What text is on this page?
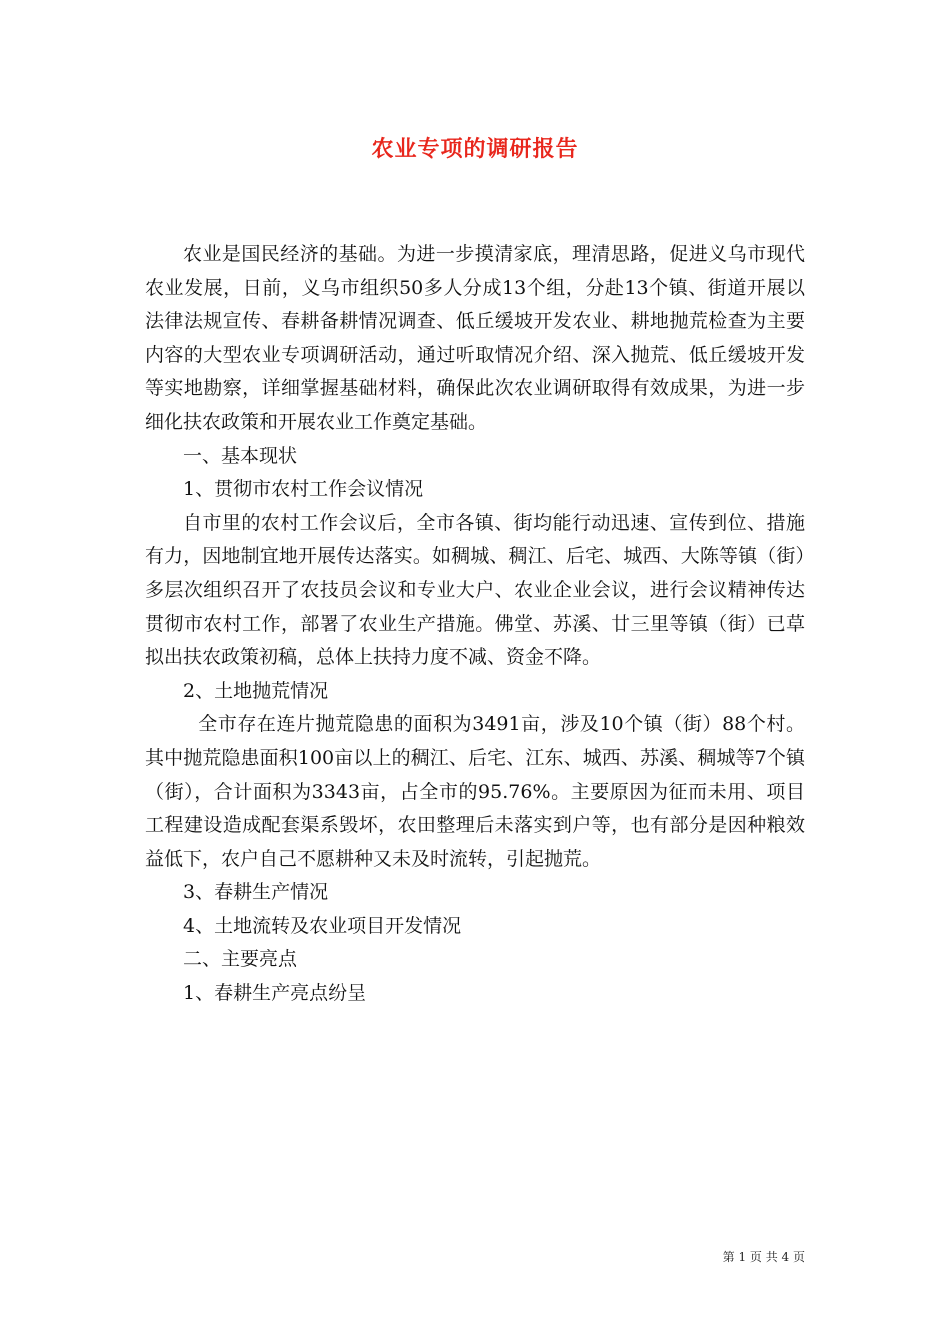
农业专项的调研报告

农业是国民经济的基础。为进一步摸清家底，理清思路，促进义乌市现代农业发展，日前，义乌市组织50多人分成13个组，分赴13个镇、街道开展以法律法规宣传、春耕备耕情况调查、低丘缓坡开发农业、耕地抛荒检查为主要内容的大型农业专项调研活动，通过听取情况介绍、深入抛荒、低丘缓坡开发等实地勘察，详细掌握基础材料，确保此次农业调研取得有效成果，为进一步细化扶农政策和开展农业工作奠定基础。

一、基本现状

1、贯彻市农村工作会议情况

自市里的农村工作会议后，全市各镇、街均能行动迅速、宣传到位、措施有力，因地制宜地开展传达落实。如稠城、稠江、后宅、城西、大陈等镇（街）多层次组织召开了农技员会议和专业大户、农业企业会议，进行会议精神传达贯彻市农村工作，部署了农业生产措施。佛堂、苏溪、廿三里等镇（街）已草拟出扶农政策初稿，总体上扶持力度不减、资金不降。

2、土地抛荒情况

全市存在连片抛荒隐患的面积为3491亩，涉及10个镇（街）88个村。其中抛荒隐患面积100亩以上的稠江、后宅、江东、城西、苏溪、稠城等7个镇（街），合计面积为3343亩，占全市的95.76%。主要原因为征而未用、项目工程建设造成配套渠系毁坏，农田整理后未落实到户等，也有部分是因种粮效益低下，农户自己不愿耕种又未及时流转，引起抛荒。

3、春耕生产情况

4、土地流转及农业项目开发情况

二、主要亮点

1、春耕生产亮点纷呈

第 1 页 共 4 页
